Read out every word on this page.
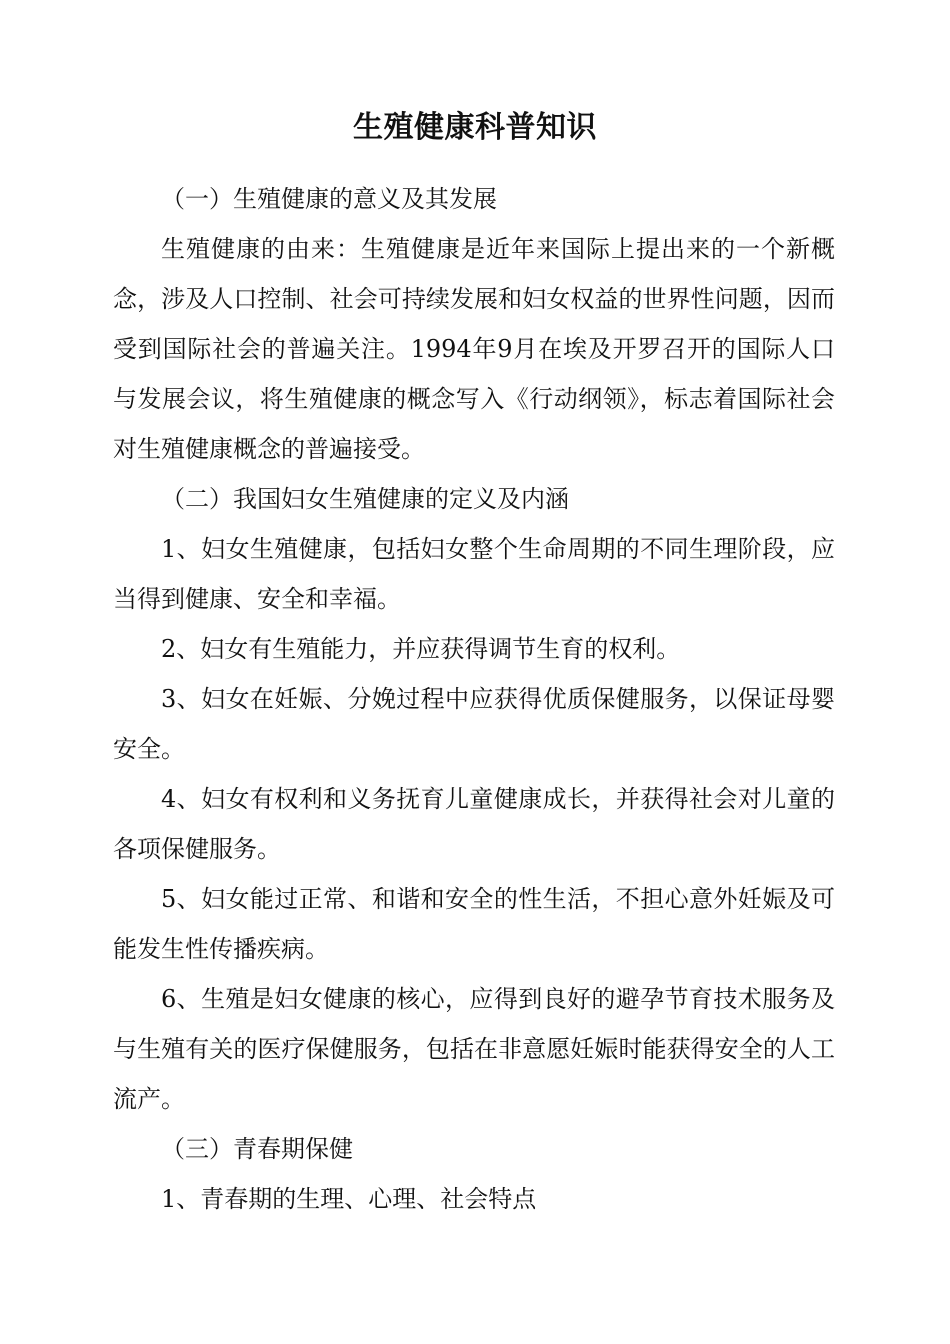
生殖健康科普知识

（一）生殖健康的意义及其发展

生殖健康的由来：生殖健康是近年来国际上提出来的一个新概念，涉及人口控制、社会可持续发展和妇女权益的世界性问题，因而受到国际社会的普遍关注。1994年9月在埃及开罗召开的国际人口与发展会议，将生殖健康的概念写入《行动纲领》，标志着国际社会对生殖健康概念的普遍接受。

（二）我国妇女生殖健康的定义及内涵

1、妇女生殖健康，包括妇女整个生命周期的不同生理阶段，应当得到健康、安全和幸福。

2、妇女有生殖能力，并应获得调节生育的权利。

3、妇女在妊娠、分娩过程中应获得优质保健服务，以保证母婴安全。

4、妇女有权利和义务抚育儿童健康成长，并获得社会对儿童的各项保健服务。

5、妇女能过正常、和谐和安全的性生活，不担心意外妊娠及可能发生性传播疾病。

6、生殖是妇女健康的核心，应得到良好的避孕节育技术服务及与生殖有关的医疗保健服务，包括在非意愿妊娠时能获得安全的人工流产。

（三）青春期保健

1、青春期的生理、心理、社会特点
